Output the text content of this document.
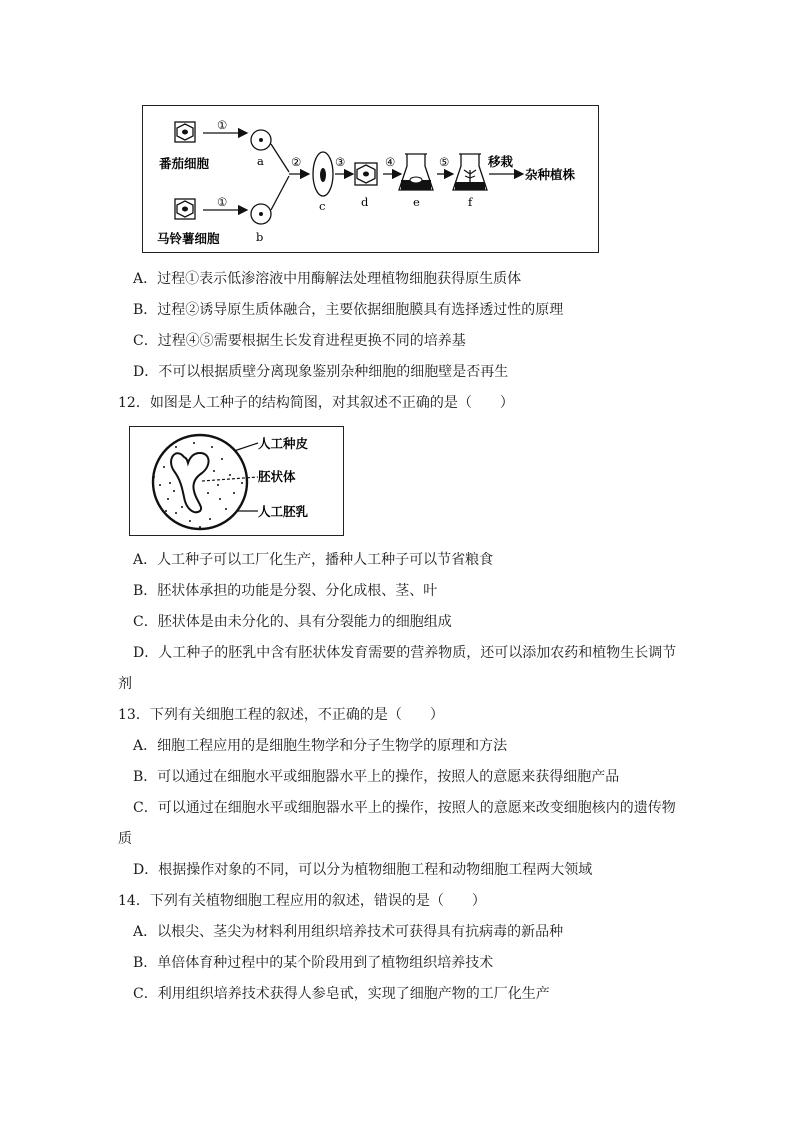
番茄细胞
马铃薯细胞
①
①
a
b
②
c
③
d
④
e
⑤
f
移栽
杂种植株
A．过程①表示低渗溶液中用酶解法处理植物细胞获得原生质体
B．过程②诱导原生质体融合，主要依据细胞膜具有选择透过性的原理
C．过程④⑤需要根据生长发育进程更换不同的培养基
D．不可以根据质壁分离现象鉴别杂种细胞的细胞壁是否再生
12．如图是人工种子的结构简图，对其叙述不正确的是（　　）
人工种皮
胚状体
人工胚乳
A．人工种子可以工厂化生产，播种人工种子可以节省粮食
B．胚状体承担的功能是分裂、分化成根、茎、叶
C．胚状体是由未分化的、具有分裂能力的细胞组成
D．人工种子的胚乳中含有胚状体发育需要的营养物质，还可以添加农药和植物生长调节
剂
13．下列有关细胞工程的叙述，不正确的是（　　）
A．细胞工程应用的是细胞生物学和分子生物学的原理和方法
B．可以通过在细胞水平或细胞器水平上的操作，按照人的意愿来获得细胞产品
C．可以通过在细胞水平或细胞器水平上的操作，按照人的意愿来改变细胞核内的遗传物
质
D．根据操作对象的不同，可以分为植物细胞工程和动物细胞工程两大领域
14．下列有关植物细胞工程应用的叙述，错误的是（　　）
A．以根尖、茎尖为材料利用组织培养技术可获得具有抗病毒的新品种
B．单倍体育种过程中的某个阶段用到了植物组织培养技术
C．利用组织培养技术获得人参皂甙，实现了细胞产物的工厂化生产
